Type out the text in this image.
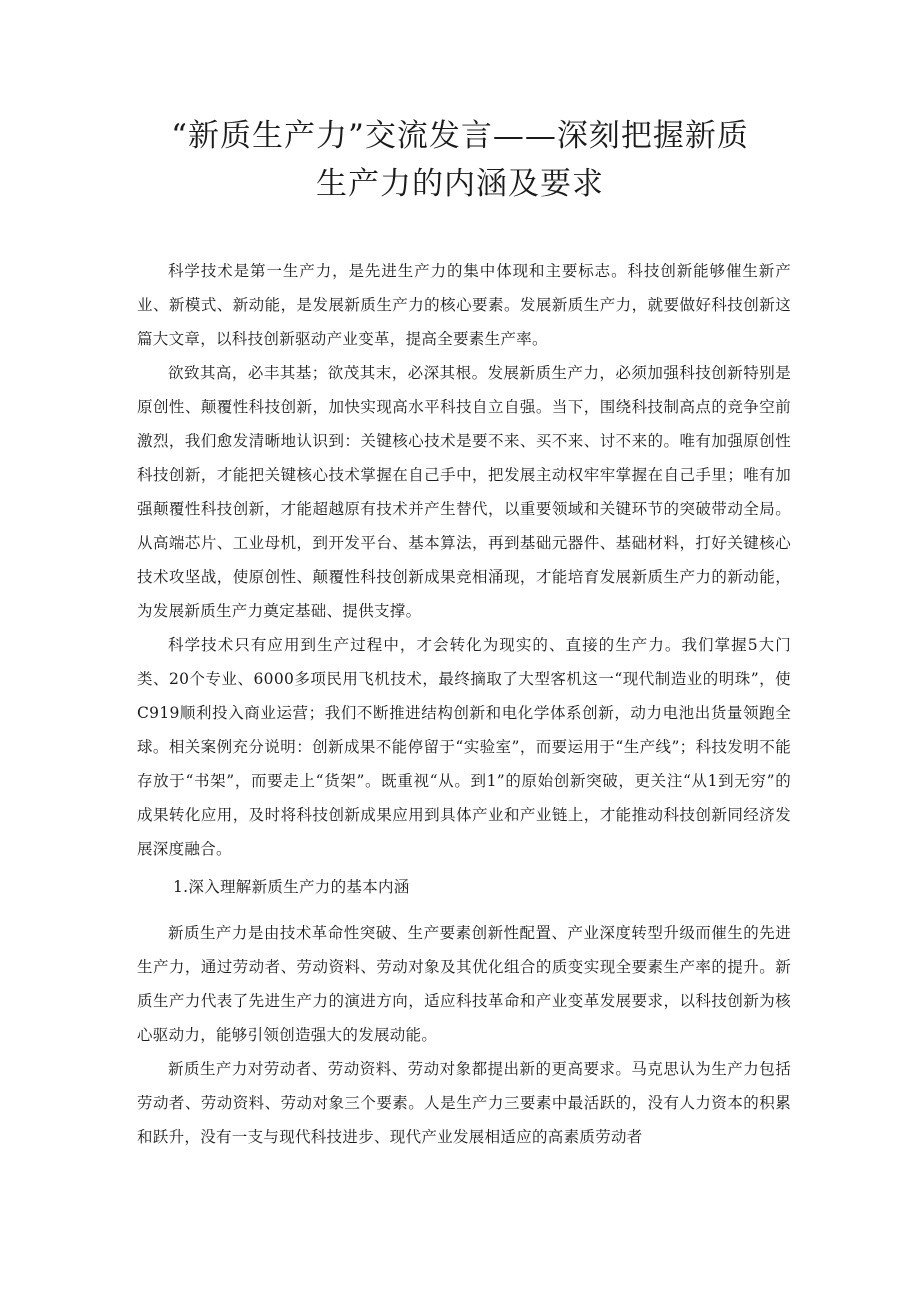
“新质生产力”交流发言——深刻把握新质
生产力的内涵及要求

科学技术是第一生产力，是先进生产力的集中体现和主要标志。科技创新能够催生新产业、新模式、新动能，是发展新质生产力的核心要素。发展新质生产力，就要做好科技创新这篇大文章，以科技创新驱动产业变革，提高全要素生产率。

欲致其高，必丰其基；欲茂其末，必深其根。发展新质生产力，必须加强科技创新特别是原创性、颠覆性科技创新，加快实现高水平科技自立自强。当下，围绕科技制高点的竞争空前激烈，我们愈发清晰地认识到：关键核心技术是要不来、买不来、讨不来的。唯有加强原创性科技创新，才能把关键核心技术掌握在自己手中，把发展主动权牢牢掌握在自己手里；唯有加强颠覆性科技创新，才能超越原有技术并产生替代，以重要领域和关键环节的突破带动全局。从高端芯片、工业母机，到开发平台、基本算法，再到基础元器件、基础材料，打好关键核心技术攻坚战，使原创性、颠覆性科技创新成果竞相涌现，才能培育发展新质生产力的新动能，为发展新质生产力奠定基础、提供支撑。

科学技术只有应用到生产过程中，才会转化为现实的、直接的生产力。我们掌握5大门类、20个专业、6000多项民用飞机技术，最终摘取了大型客机这一“现代制造业的明珠”，使C919顺利投入商业运营；我们不断推进结构创新和电化学体系创新，动力电池出货量领跑全球。相关案例充分说明：创新成果不能停留于“实验室”，而要运用于“生产线”；科技发明不能存放于“书架”，而要走上“货架”。既重视“从。到1”的原始创新突破，更关注“从1到无穷”的成果转化应用，及时将科技创新成果应用到具体产业和产业链上，才能推动科技创新同经济发展深度融合。

1.深入理解新质生产力的基本内涵

新质生产力是由技术革命性突破、生产要素创新性配置、产业深度转型升级而催生的先进生产力，通过劳动者、劳动资料、劳动对象及其优化组合的质变实现全要素生产率的提升。新质生产力代表了先进生产力的演进方向，适应科技革命和产业变革发展要求，以科技创新为核心驱动力，能够引领创造强大的发展动能。

新质生产力对劳动者、劳动资料、劳动对象都提出新的更高要求。马克思认为生产力包括劳动者、劳动资料、劳动对象三个要素。人是生产力三要素中最活跃的，没有人力资本的积累和跃升，没有一支与现代科技进步、现代产业发展相适应的高素质劳动者
